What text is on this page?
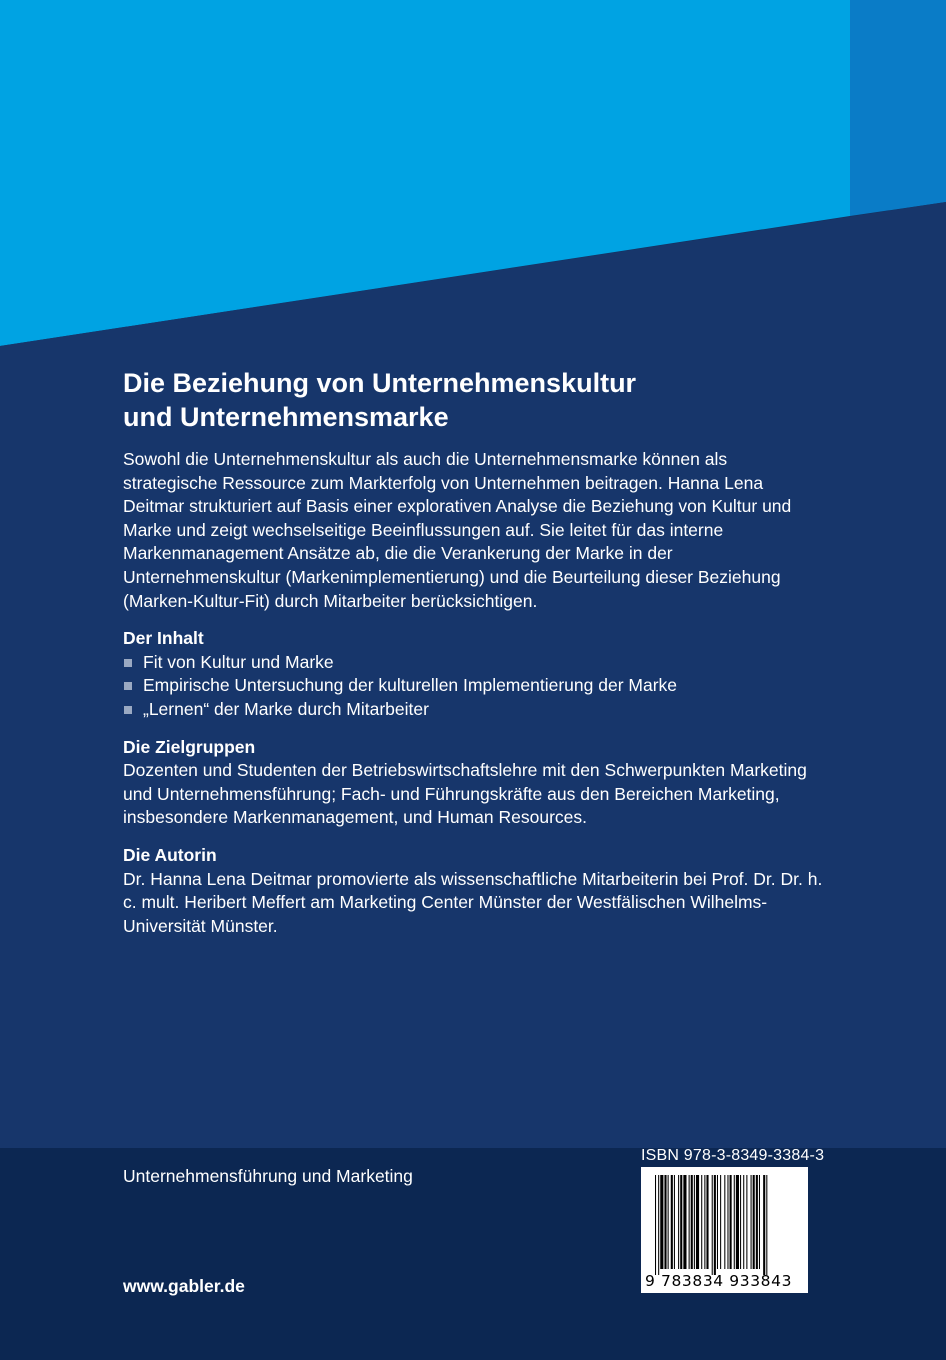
Die Beziehung von Unternehmenskultur
und Unternehmensmarke

Sowohl die Unternehmenskultur als auch die Unternehmensmarke können als strategische Ressource zum Markterfolg von Unternehmen beitragen. Hanna Lena Deitmar strukturiert auf Basis einer explorativen Analyse die Beziehung von Kultur und Marke und zeigt wechselseitige Beeinflussungen auf. Sie leitet für das interne Markenmanagement Ansätze ab, die die Verankerung der Marke in der Unternehmenskultur (Markenimplementierung) und die Beurteilung dieser Beziehung (Marken-Kultur-Fit) durch Mitarbeiter berücksichtigen.

Der Inhalt

Fit von Kultur und Marke
Empirische Untersuchung der kulturellen Implementierung der Marke
„Lernen“ der Marke durch Mitarbeiter

Die Zielgruppen

Dozenten und Studenten der Betriebswirtschaftslehre mit den Schwerpunkten Marketing und Unternehmensführung; Fach- und Führungskräfte aus den Bereichen Marketing, insbesondere Markenmanagement, und Human Resources.

Die Autorin

Dr. Hanna Lena Deitmar promovierte als wissenschaftliche Mitarbeiterin bei Prof. Dr. Dr. h. c. mult. Heribert Meffert am Marketing Center Münster der Westfälischen Wilhelms-Universität Münster.

Unternehmensführung und Marketing
www.gabler.de
ISBN 978-3-8349-3384-3
9 783834 933843
